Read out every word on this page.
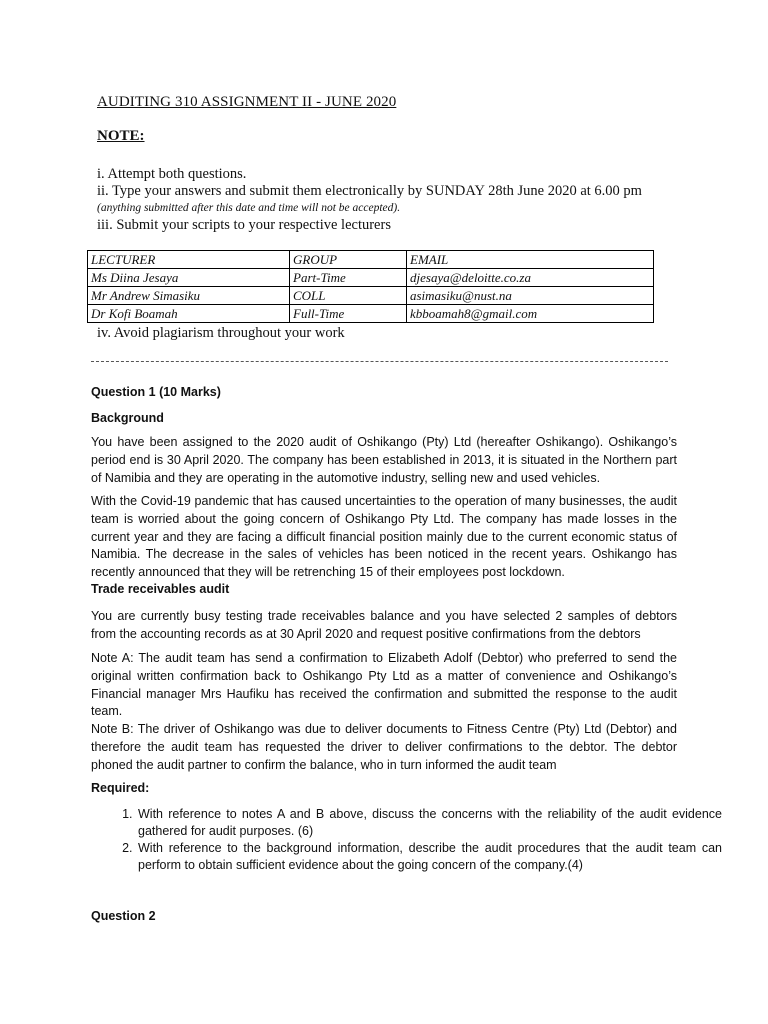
AUDITING 310 ASSIGNMENT II - JUNE 2020
NOTE:
i. Attempt both questions.
ii. Type your answers and submit them electronically by SUNDAY 28th June 2020 at 6.00 pm
(anything submitted after this date and time will not be accepted).
iii. Submit your scripts to your respective lecturers
LECTURER	GROUP	EMAIL
Ms Diina Jesaya	Part-Time	djesaya@deloitte.co.za
Mr Andrew Simasiku	COLL	asimasiku@nust.na
Dr Kofi Boamah	Full-Time	kbboamah8@gmail.com
iv. Avoid plagiarism throughout your work
Question 1 (10 Marks)
Background
You have been assigned to the 2020 audit of Oshikango (Pty) Ltd (hereafter Oshikango). Oshikango’s period end is 30 April 2020. The company has been established in 2013, it is situated in the Northern part of Namibia and they are operating in the automotive industry, selling new and used vehicles.
With the Covid-19 pandemic that has caused uncertainties to the operation of many businesses, the audit team is worried about the going concern of Oshikango Pty Ltd. The company has made losses in the current year and they are facing a difficult financial position mainly due to the current economic status of Namibia. The decrease in the sales of vehicles has been noticed in the recent years. Oshikango has recently announced that they will be retrenching 15 of their employees post lockdown.
Trade receivables audit
You are currently busy testing trade receivables balance and you have selected 2 samples of debtors from the accounting records as at 30 April 2020 and request positive confirmations from the debtors
Note A: The audit team has send a confirmation to Elizabeth Adolf (Debtor) who preferred to send the original written confirmation back to Oshikango Pty Ltd as a matter of convenience and Oshikango’s Financial manager Mrs Haufiku has received the confirmation and submitted the response to the audit team.
Note B: The driver of Oshikango was due to deliver documents to Fitness Centre (Pty) Ltd (Debtor) and therefore the audit team has requested the driver to deliver confirmations to the debtor. The debtor phoned the audit partner to confirm the balance, who in turn informed the audit team
Required:
1. With reference to notes A and B above, discuss the concerns with the reliability of the audit evidence gathered for audit purposes. (6)
2. With reference to the background information, describe the audit procedures that the audit team can perform to obtain sufficient evidence about the going concern of the company.(4)
Question 2
